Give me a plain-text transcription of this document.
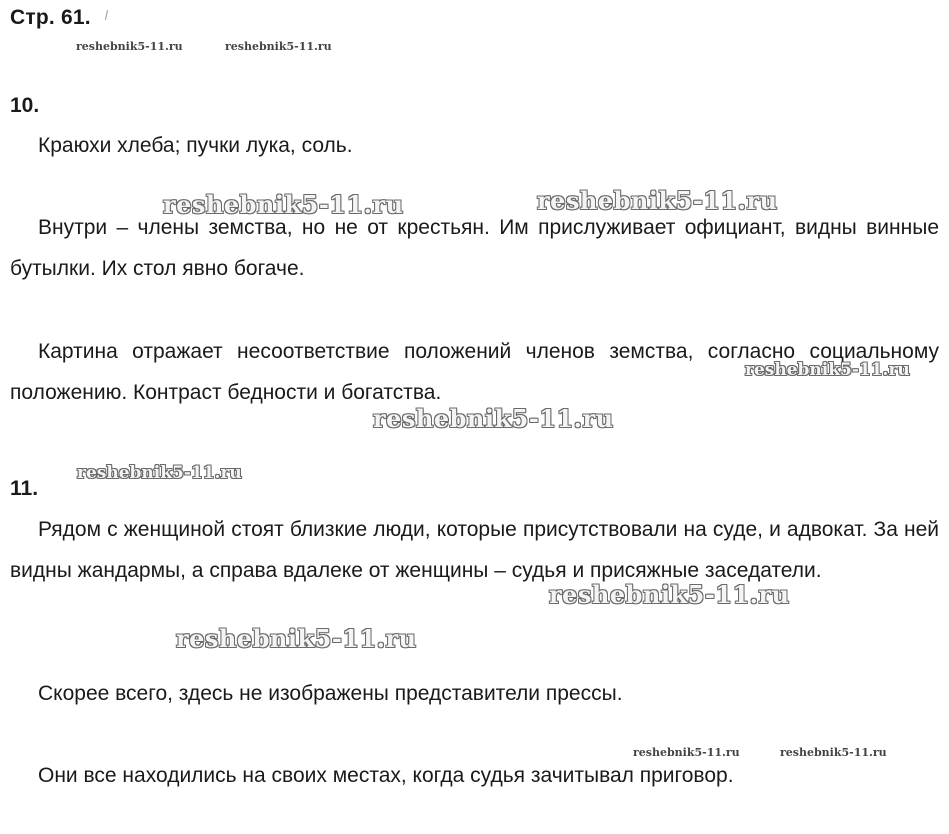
Стр. 61.
reshebnik5-11.ru	reshebnik5-11.ru
10.

Краюхи хлеба; пучки лука, соль.

reshebnik5-11.ru	reshebnik5-11.ru

Внутри – члены земства, но не от крестьян. Им прислуживает официант, видны винные бутылки. Их стол явно богаче.

Картина отражает несоответствие положений членов земства, согласно социальному положению. Контраст бедности и богатства.

reshebnik5-11.ru
reshebnik5-11.ru
reshebnik5-11.ru
11.

Рядом с женщиной стоят близкие люди, которые присутствовали на суде, и адвокат. За ней видны жандармы, а справа вдалеке от женщины – судья и присяжные заседатели.

reshebnik5-11.ru
reshebnik5-11.ru

Скорее всего, здесь не изображены представители прессы.

reshebnik5-11.ru	reshebnik5-11.ru

Они все находились на своих местах, когда судья зачитывал приговор.
